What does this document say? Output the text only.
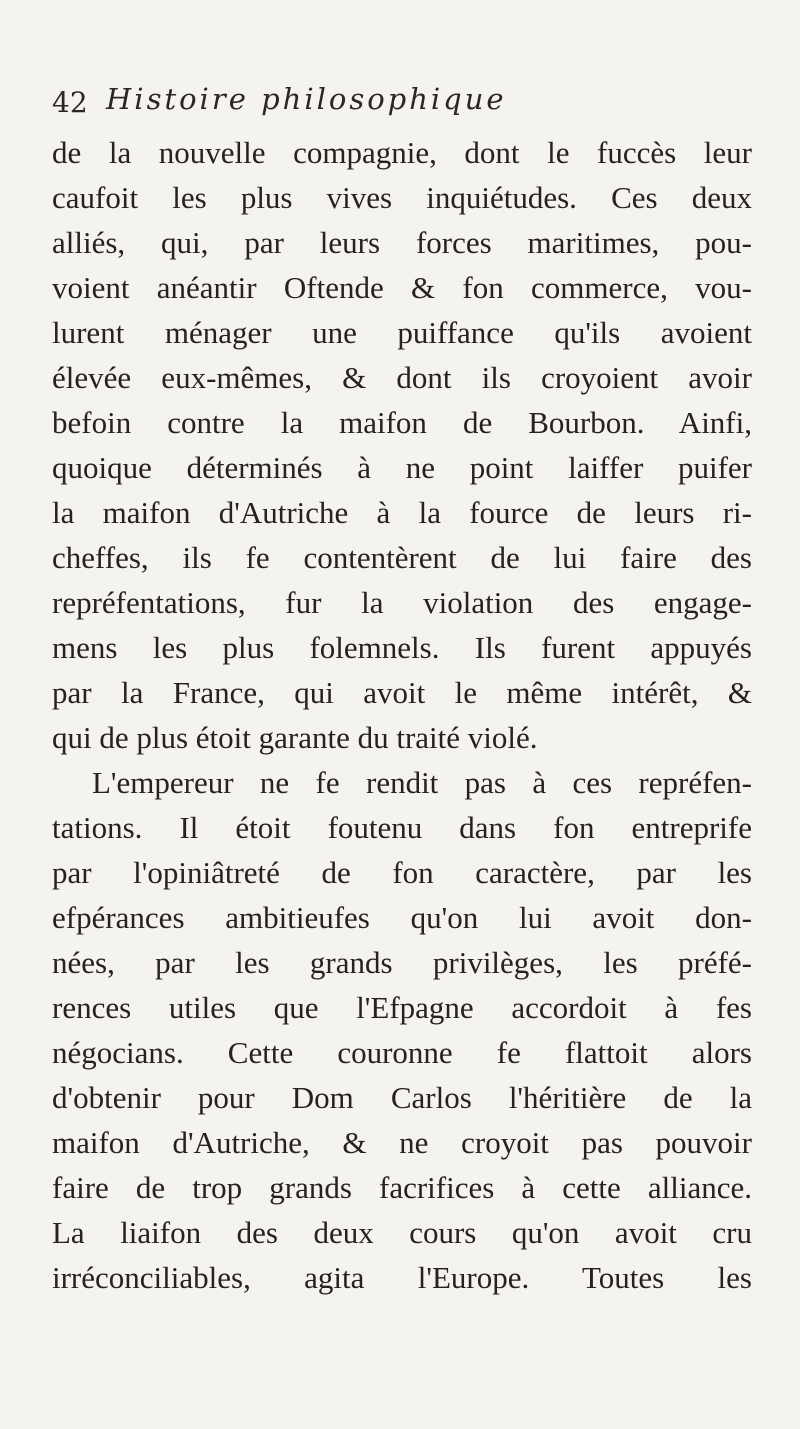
42 Histoire philosophique
de la nouvelle compagnie, dont le fuccès leur
caufoit les plus vives inquiétudes. Ces deux
alliés, qui, par leurs forces maritimes, pou-
voient anéantir Oftende & fon commerce, vou-
lurent ménager une puiffance qu'ils avoient
élevée eux-mêmes, & dont ils croyoient avoir
befoin contre la maifon de Bourbon. Ainfi,
quoique déterminés à ne point laiffer puifer
la maifon d'Autriche à la fource de leurs ri-
cheffes, ils fe contentèrent de lui faire des
repréfentations, fur la violation des engage-
mens les plus folemnels. Ils furent appuyés
par la France, qui avoit le même intérêt, &
qui de plus étoit garante du traité violé.
L'empereur ne fe rendit pas à ces repréfen-
tations. Il étoit foutenu dans fon entreprife
par l'opiniâtreté de fon caractère, par les
efpérances ambitieufes qu'on lui avoit don-
nées, par les grands privilèges, les préfé-
rences utiles que l'Efpagne accordoit à fes
négocians. Cette couronne fe flattoit alors
d'obtenir pour Dom Carlos l'héritière de la
maifon d'Autriche, & ne croyoit pas pouvoir
faire de trop grands facrifices à cette alliance.
La liaifon des deux cours qu'on avoit cru
irréconciliables, agita l'Europe. Toutes les
